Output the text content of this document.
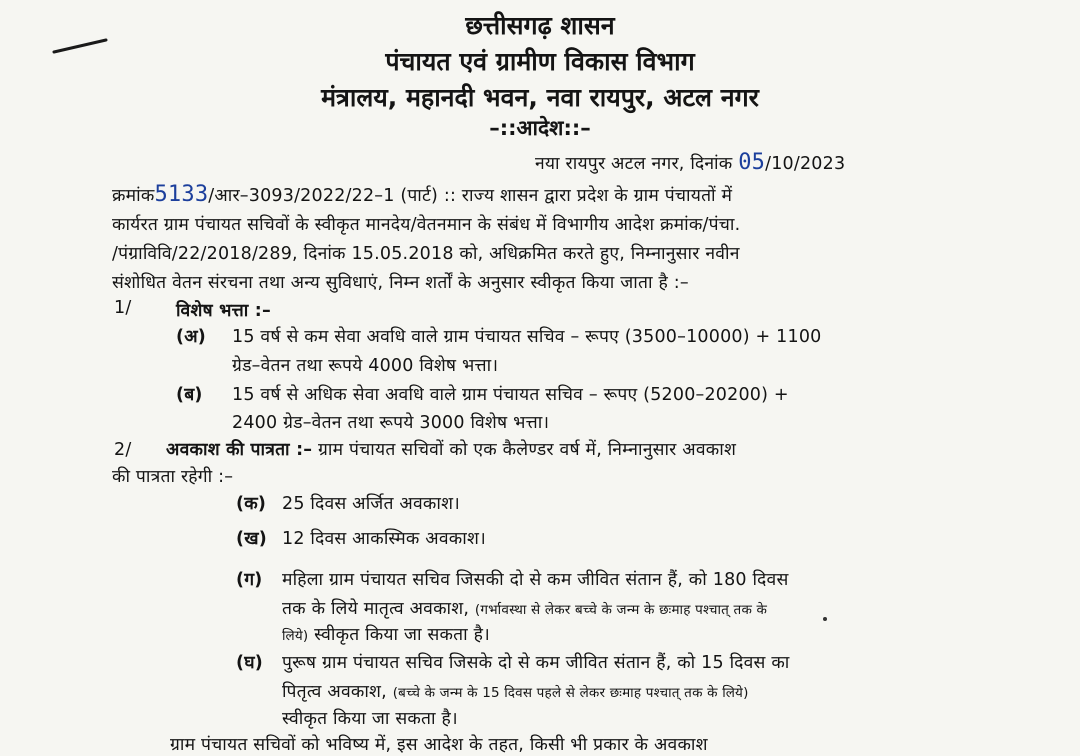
छत्तीसगढ़ शासन
पंचायत एवं ग्रामीण विकास विभाग
मंत्रालय, महानदी भवन, नवा रायपुर, अटल नगर
–::आदेश::–
नया रायपुर अटल नगर, दिनांक 05/10/2023
क्रमांक5133/आर–3093/2022/22–1 (पार्ट) :: राज्य शासन द्वारा प्रदेश के ग्राम पंचायतों में
कार्यरत ग्राम पंचायत सचिवों के स्वीकृत मानदेय/वेतनमान के संबंध में विभागीय आदेश क्रमांक/पंचा.
/पंग्राविवि/22/2018/289, दिनांक 15.05.2018 को, अधिक्रमित करते हुए, निम्नानुसार नवीन
संशोधित वेतन संरचना तथा अन्य सुविधाएं, निम्न शर्तों के अनुसार स्वीकृत किया जाता है :–
1/	विशेष भत्ता :–
(अ) 15 वर्ष से कम सेवा अवधि वाले ग्राम पंचायत सचिव – रूपए (3500–10000) + 1100
ग्रेड–वेतन तथा रूपये 4000 विशेष भत्ता।
(ब) 15 वर्ष से अधिक सेवा अवधि वाले ग्राम पंचायत सचिव – रूपए (5200–20200) +
2400 ग्रेड–वेतन तथा रूपये 3000 विशेष भत्ता।
2/ अवकाश की पात्रता :– ग्राम पंचायत सचिवों को एक कैलेण्डर वर्ष में, निम्नानुसार अवकाश
की पात्रता रहेगी :–
(क) 25 दिवस अर्जित अवकाश।
(ख) 12 दिवस आकस्मिक अवकाश।
(ग) महिला ग्राम पंचायत सचिव जिसकी दो से कम जीवित संतान हैं, को 180 दिवस
तक के लिये मातृत्व अवकाश, (गर्भावस्था से लेकर बच्चे के जन्म के छःमाह पश्चात् तक के
लिये) स्वीकृत किया जा सकता है।
(घ) पुरूष ग्राम पंचायत सचिव जिसके दो से कम जीवित संतान हैं, को 15 दिवस का
पितृत्व अवकाश, (बच्चे के जन्म के 15 दिवस पहले से लेकर छःमाह पश्चात् तक के लिये)
स्वीकृत किया जा सकता है।
ग्राम पंचायत सचिवों को भविष्य में, इस आदेश के तहत, किसी भी प्रकार के अवकाश
